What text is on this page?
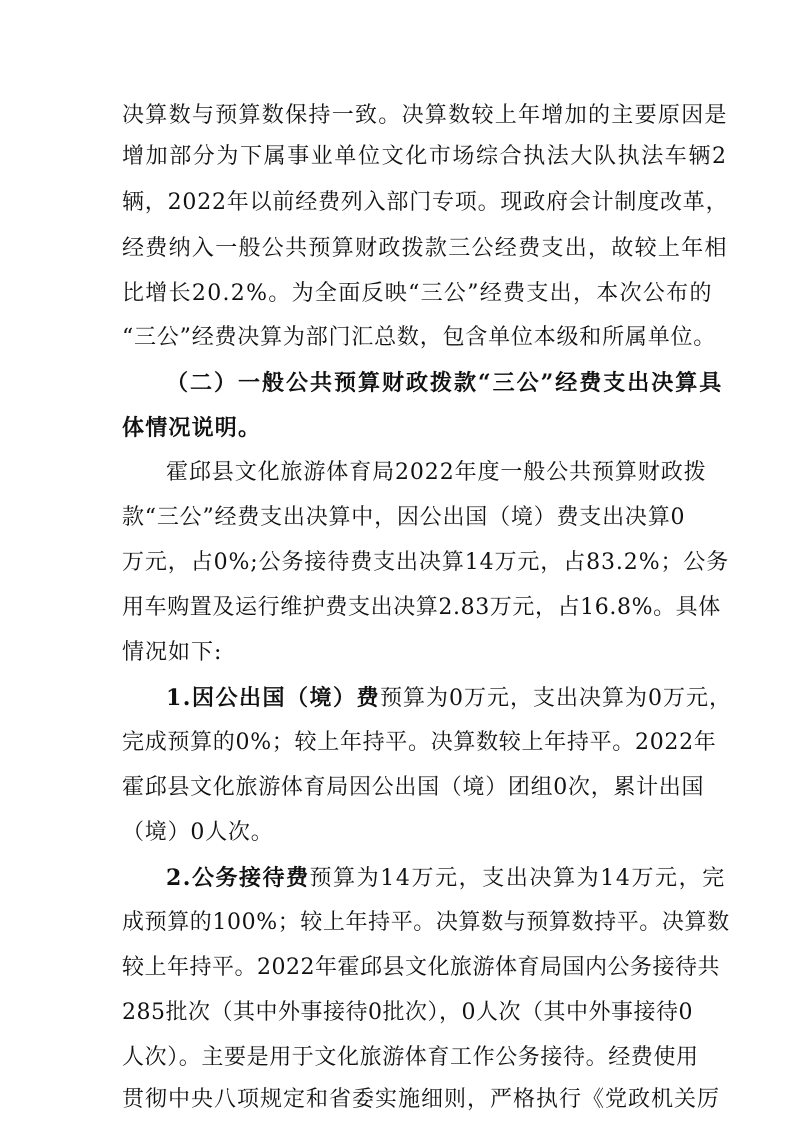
决算数与预算数保持一致。决算数较上年增加的主要原因是
增加部分为下属事业单位文化市场综合执法大队执法车辆2
辆，2022年以前经费列入部门专项。现政府会计制度改革，
经费纳入一般公共预算财政拨款三公经费支出，故较上年相
比增长20.2%。为全面反映“三公”经费支出，本次公布的
“三公”经费决算为部门汇总数，包含单位本级和所属单位。
（二）一般公共预算财政拨款“三公”经费支出决算具
体情况说明。
霍邱县文化旅游体育局2022年度一般公共预算财政拨
款“三公”经费支出决算中，因公出国（境）费支出决算0
万元，占0%;公务接待费支出决算14万元，占83.2%；公务
用车购置及运行维护费支出决算2.83万元，占16.8%。具体
情况如下:
1.因公出国（境）费预算为0万元，支出决算为0万元，
完成预算的0%；较上年持平。决算数较上年持平。2022年
霍邱县文化旅游体育局因公出国（境）团组0次，累计出国
（境）0人次。
2.公务接待费预算为14万元，支出决算为14万元，完
成预算的100%；较上年持平。决算数与预算数持平。决算数
较上年持平。2022年霍邱县文化旅游体育局国内公务接待共
285批次（其中外事接待0批次），0人次（其中外事接待0
人次）。主要是用于文化旅游体育工作公务接待。经费使用
贯彻中央八项规定和省委实施细则，严格执行《党政机关厉
